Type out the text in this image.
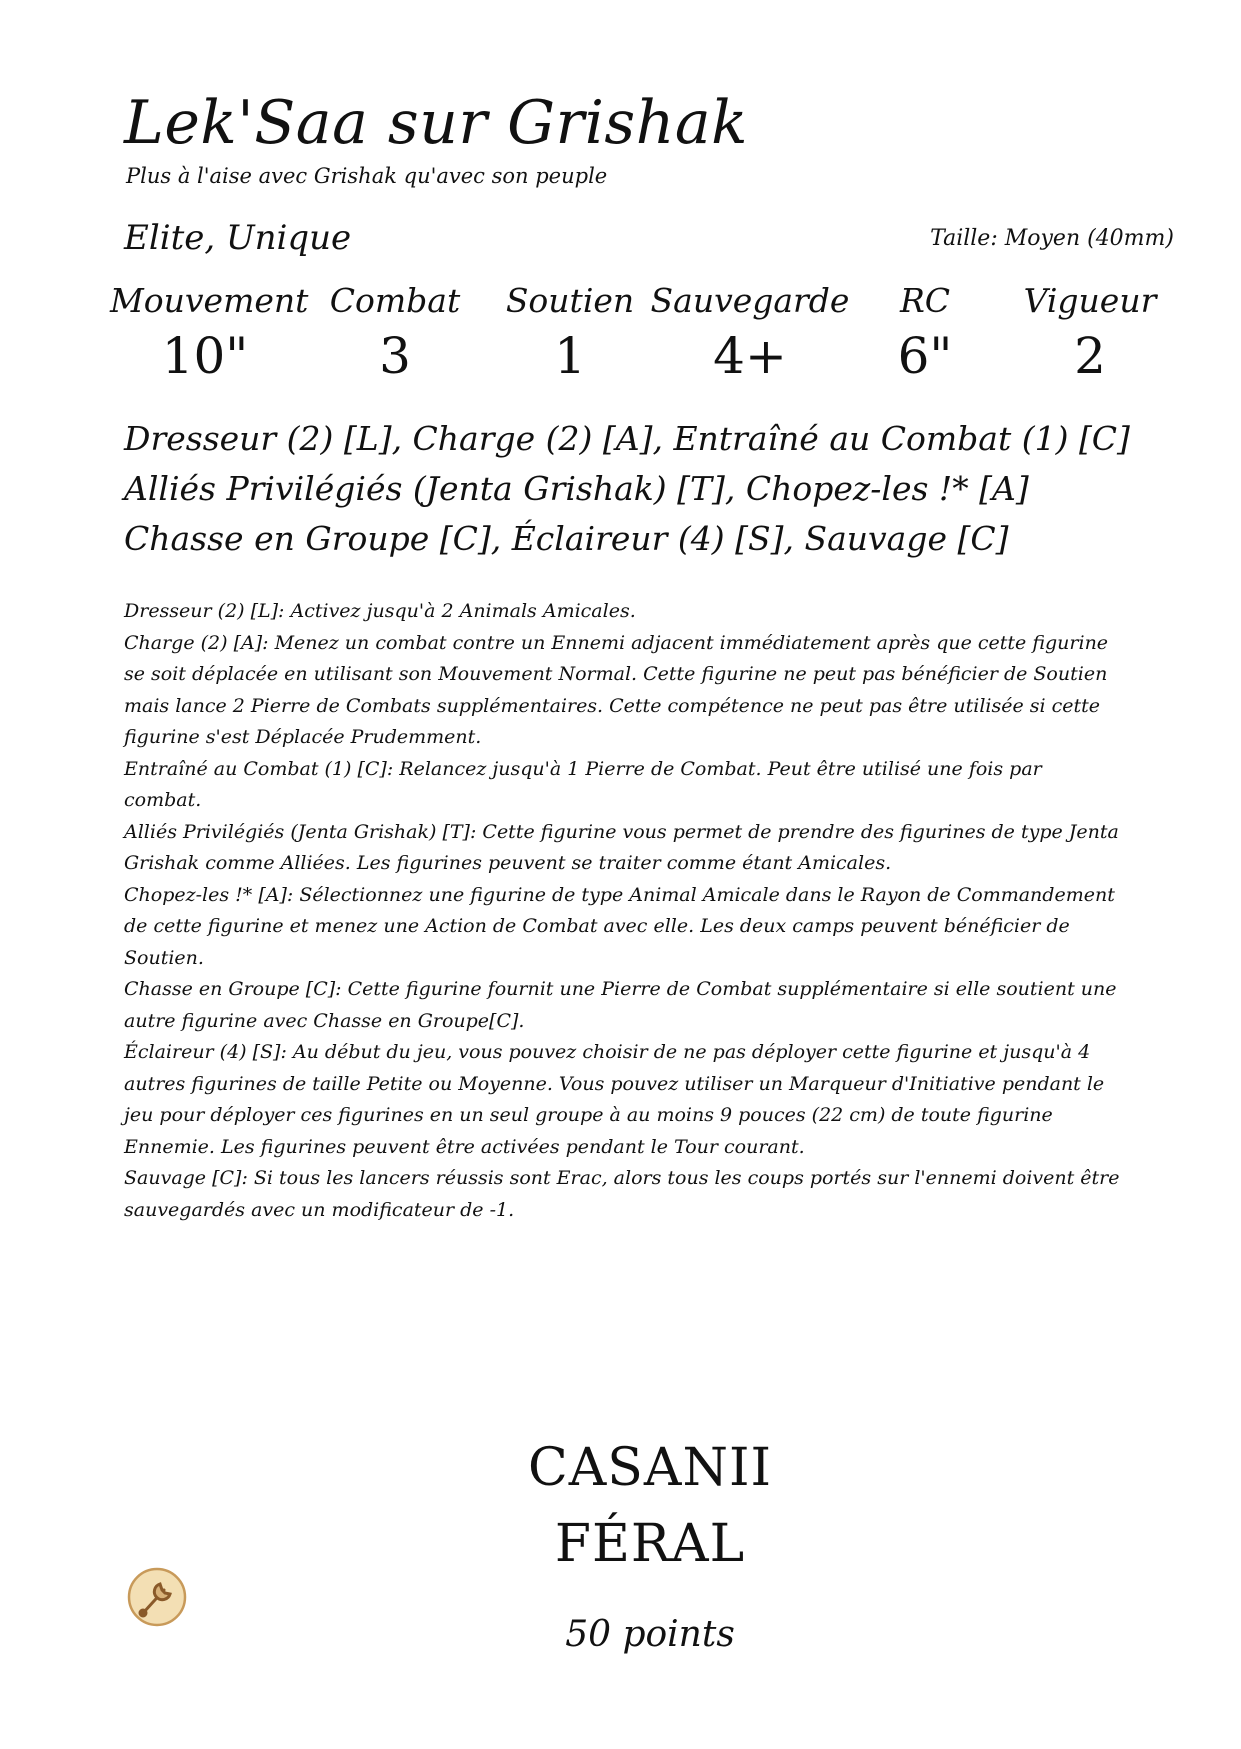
Lek'Saa sur Grishak
Plus à l'aise avec Grishak qu'avec son peuple
Elite, Unique	Taille: Moyen (40mm)
Mouvement
10"
Combat
3
Soutien
1
Sauvegarde
4+
RC
6"
Vigueur
2
Dresseur (2) [L], Charge (2) [A], Entraîné au Combat (1) [C]
Alliés Privilégiés (Jenta Grishak) [T], Chopez-les !* [A]
Chasse en Groupe [C], Éclaireur (4) [S], Sauvage [C]

Dresseur (2) [L]: Activez jusqu'à 2 Animals Amicales.

Charge (2) [A]: Menez un combat contre un Ennemi adjacent immédiatement après que cette figurine se soit déplacée en utilisant son Mouvement Normal. Cette figurine ne peut pas bénéficier de Soutien mais lance 2 Pierre de Combats supplémentaires. Cette compétence ne peut pas être utilisée si cette figurine s'est Déplacée Prudemment.

Entraîné au Combat (1) [C]: Relancez jusqu'à 1 Pierre de Combat. Peut être utilisé une fois par combat.

Alliés Privilégiés (Jenta Grishak) [T]: Cette figurine vous permet de prendre des figurines de type Jenta Grishak comme Alliées. Les figurines peuvent se traiter comme étant Amicales.

Chopez-les !* [A]: Sélectionnez une figurine de type Animal Amicale dans le Rayon de Commandement de cette figurine et menez une Action de Combat avec elle. Les deux camps peuvent bénéficier de Soutien.

Chasse en Groupe [C]: Cette figurine fournit une Pierre de Combat supplémentaire si elle soutient une autre figurine avec Chasse en Groupe[C].

Éclaireur (4) [S]: Au début du jeu, vous pouvez choisir de ne pas déployer cette figurine et jusqu'à 4 autres figurines de taille Petite ou Moyenne. Vous pouvez utiliser un Marqueur d'Initiative pendant le jeu pour déployer ces figurines en un seul groupe à au moins 9 pouces (22 cm) de toute figurine Ennemie. Les figurines peuvent être activées pendant le Tour courant.

Sauvage [C]: Si tous les lancers réussis sont Erac, alors tous les coups portés sur l'ennemi doivent être sauvegardés avec un modificateur de -1.

CASANII
FÉRAL
50 points
